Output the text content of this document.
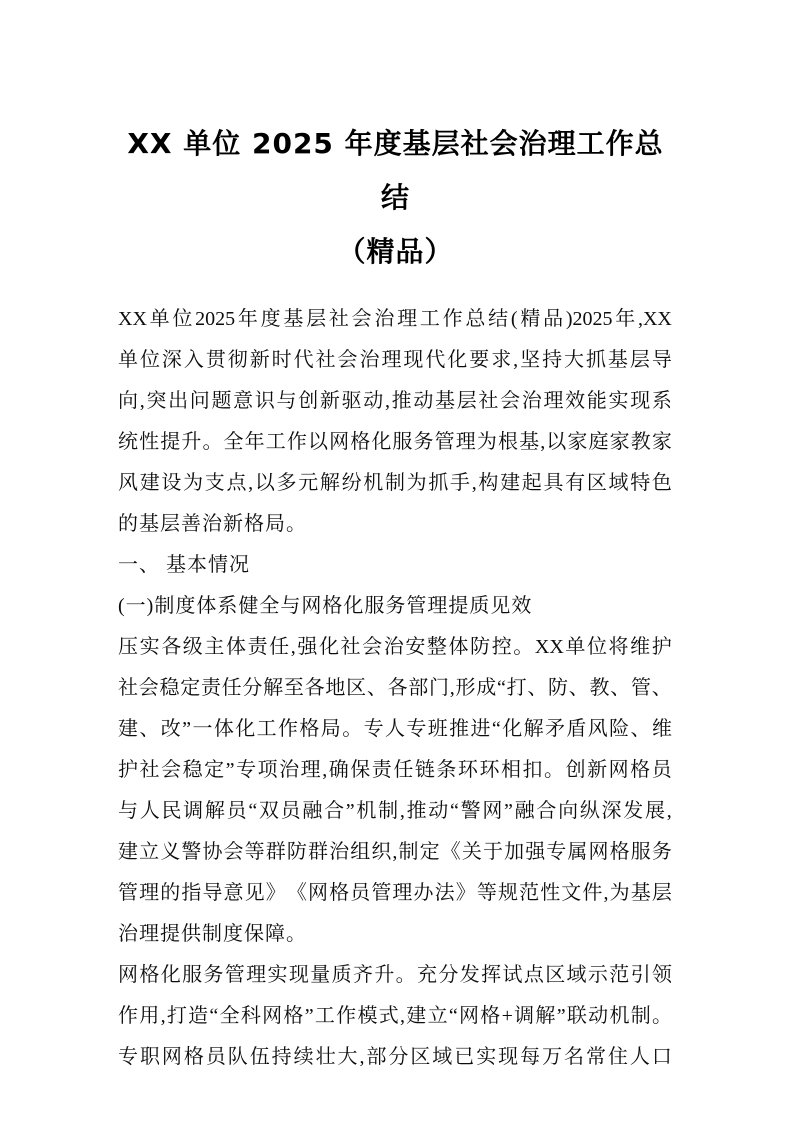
XX 单位 2025 年度基层社会治理工作总结
（精品）
XX 单 位 2025 年 度 基 层 社 会 治 理 工 作 总 结 ( 精 品 )2025 年 ,XX
单 位 深 入 贯 彻 新 时 代 社 会 治 理 现 代 化 要 求 , 坚 持 大 抓 基 层 导
向 , 突 出 问 题 意 识 与 创 新 驱 动 , 推 动 基 层 社 会 治 理 效 能 实 现 系
统 性 提 升 。 全 年 工 作 以 网 格 化 服 务 管 理 为 根 基 , 以 家 庭 家 教 家
风 建 设 为 支 点 , 以 多 元 解 纷 机 制 为 抓 手 , 构 建 起 具 有 区 域 特 色
的基层善治新格局。
一、 基本情况
(一)制度体系健全与网格化服务管理提质见效
压 实 各 级 主 体 责 任 , 强 化 社 会 治 安 整 体 防 控 。 XX 单 位 将 维 护
社 会 稳 定 责 任 分 解 至 各 地 区 、 各 部 门 , 形 成 “ 打 、 防 、 教 、 管 、
建 、 改 ” 一 体 化 工 作 格 局 。 专 人 专 班 推 进 “ 化 解 矛 盾 风 险 、 维
护 社 会 稳 定 ” 专 项 治 理 , 确 保 责 任 链 条 环 环 相 扣 。 创 新 网 格 员
与 人 民 调 解 员 “ 双 员 融 合 ” 机 制 , 推 动 “ 警 网 ” 融 合 向 纵 深 发 展 ,
建 立 义 警 协 会 等 群 防 群 治 组 织 , 制 定 《 关 于 加 强 专 属 网 格 服 务
管 理 的 指 导 意 见 》 《 网 格 员 管 理 办 法 》 等 规 范 性 文 件 , 为 基 层
治理提供制度保障。
网 格 化 服 务 管 理 实 现 量 质 齐 升 。 充 分 发 挥 试 点 区 域 示 范 引 领
作 用 , 打 造 “ 全 科 网 格 ” 工 作 模 式 , 建 立 “ 网 格 + 调 解 ” 联 动 机 制 。
专 职 网 格 员 队 伍 持 续 壮 大 , 部 分 区 域 已 实 现 每 万 名 常 住 人 口
